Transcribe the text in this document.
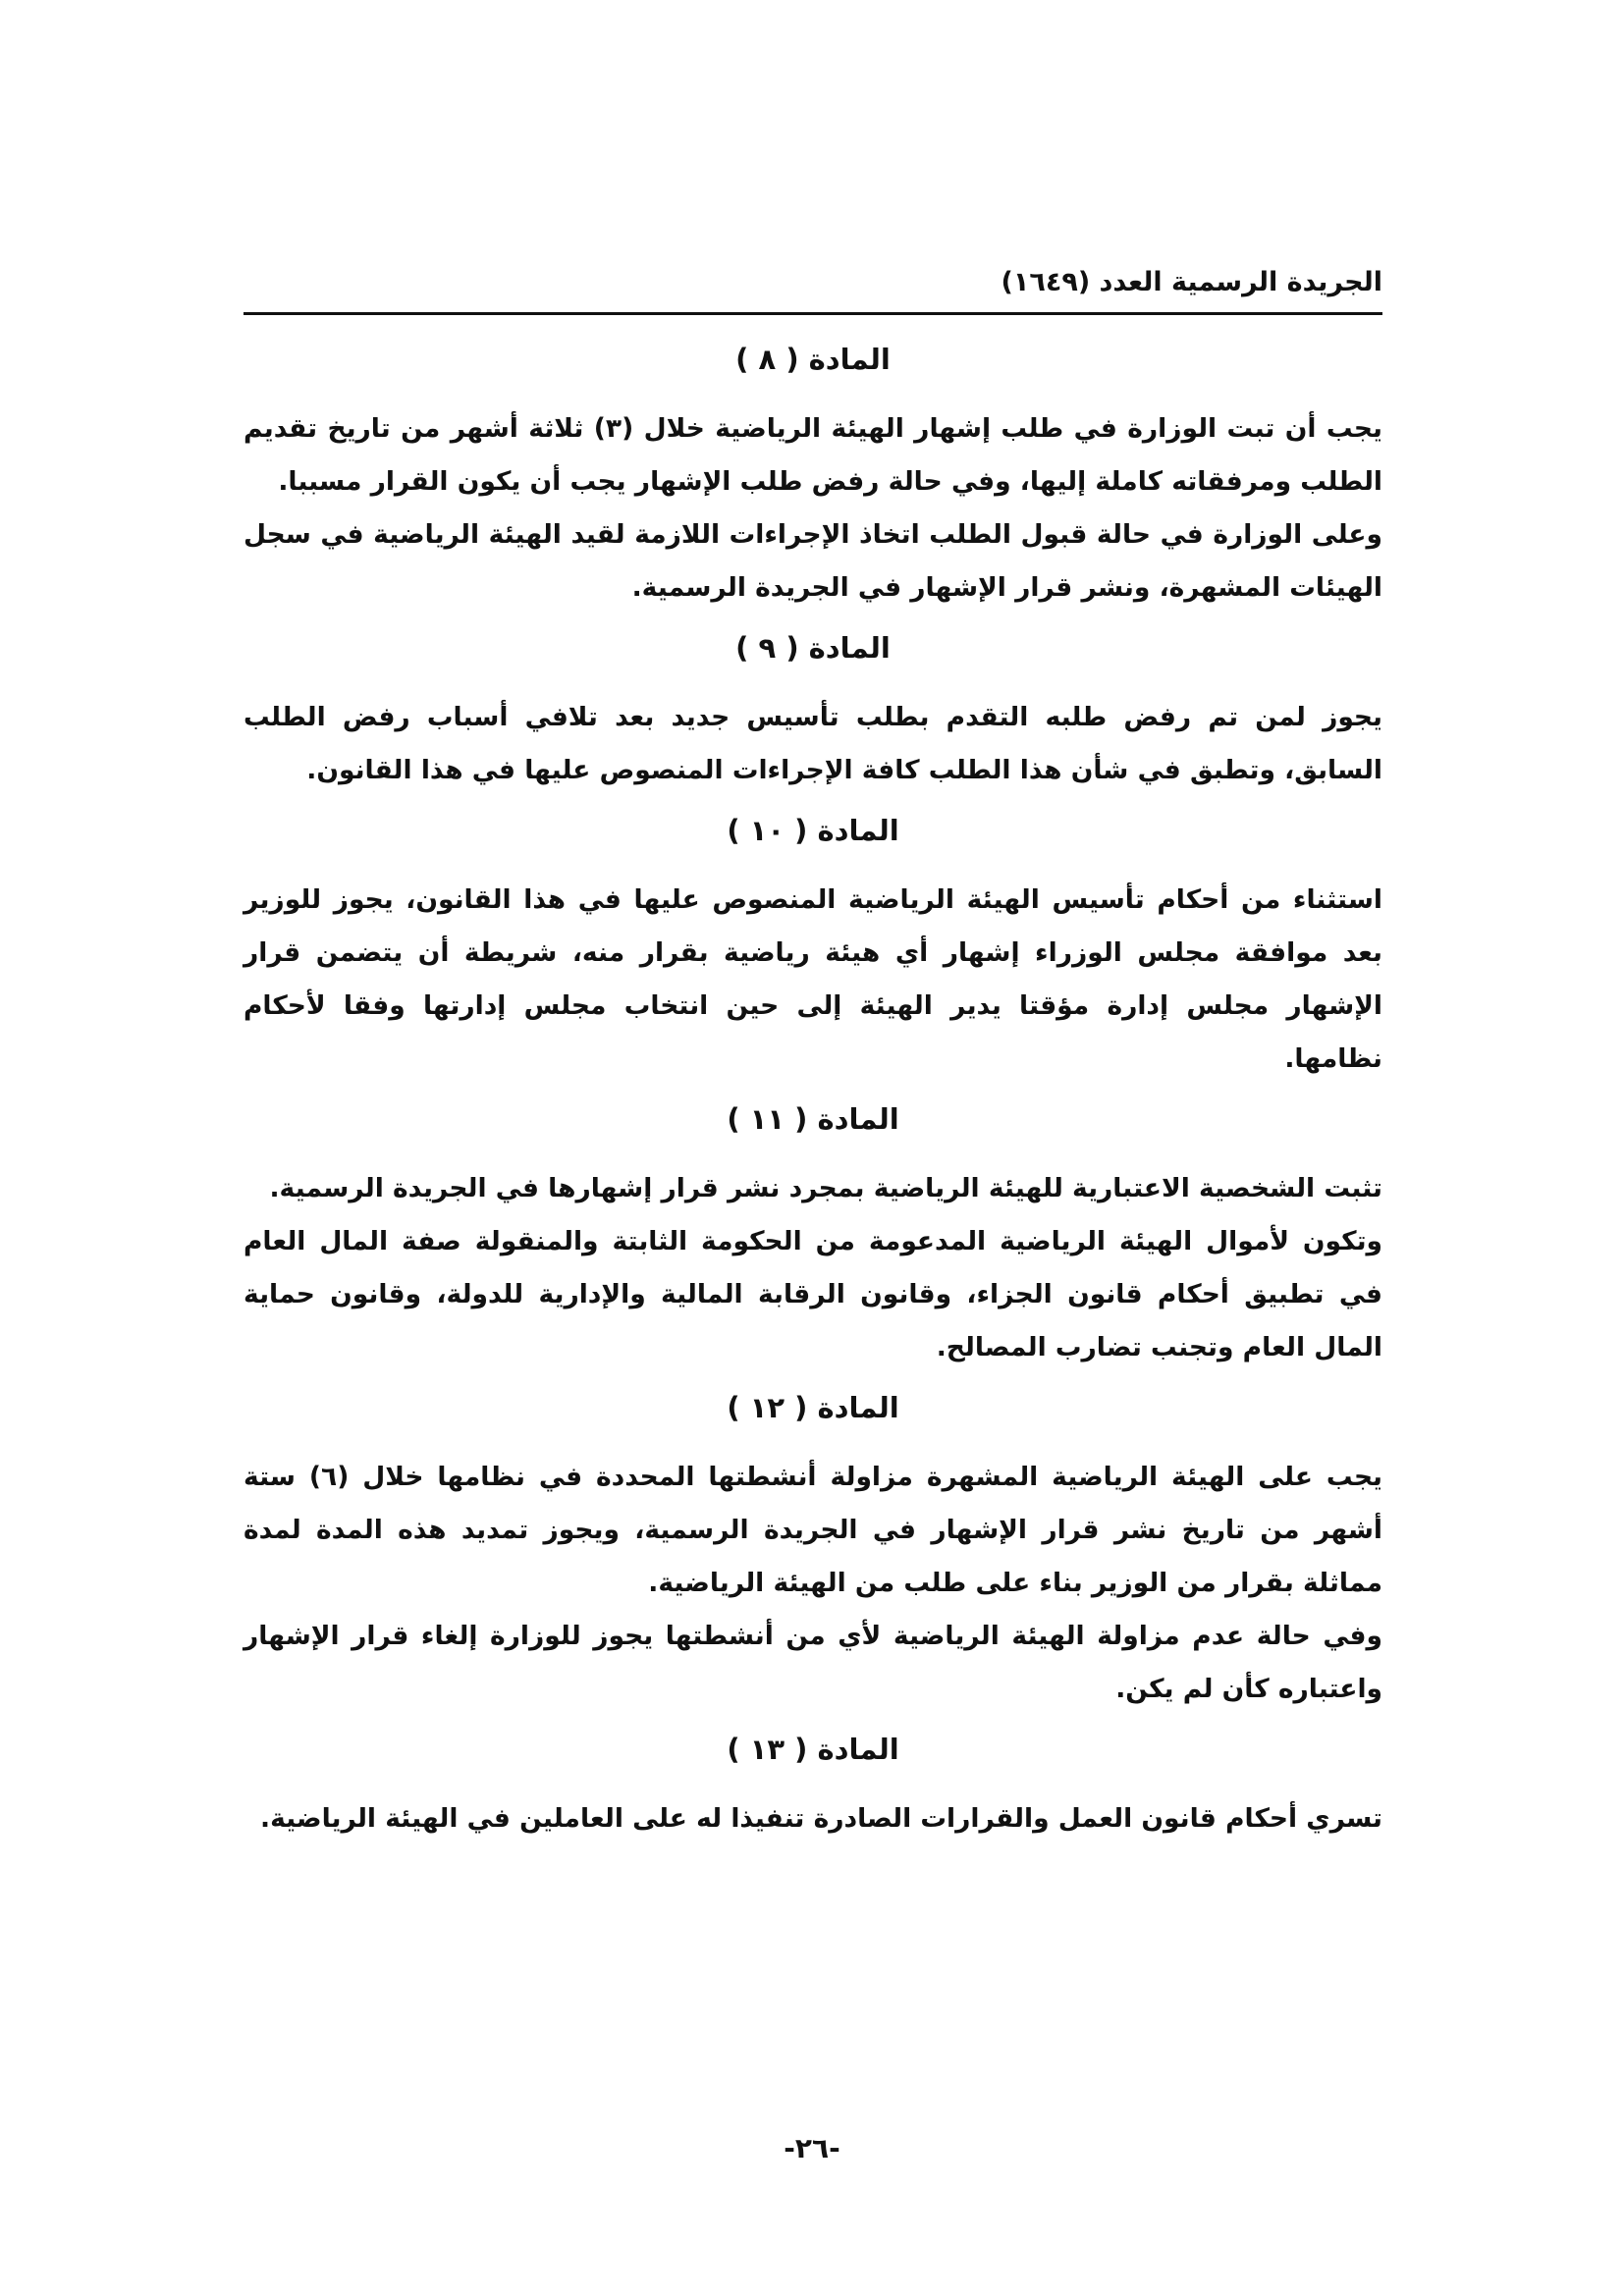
الجريدة الرسمية العدد (١٦٤٩)
المادة ( ٨ )

يجب أن تبت الوزارة في طلب إشهار الهيئة الرياضية خلال (٣) ثلاثة أشهر من تاريخ تقديم الطلب ومرفقاته كاملة إليها، وفي حالة رفض طلب الإشهار يجب أن يكون القرار مسببا.

وعلى الوزارة في حالة قبول الطلب اتخاذ الإجراءات اللازمة لقيد الهيئة الرياضية في سجل الهيئات المشهرة، ونشر قرار الإشهار في الجريدة الرسمية.

المادة ( ٩ )

يجوز لمن تم رفض طلبه التقدم بطلب تأسيس جديد بعد تلافي أسباب رفض الطلب السابق، وتطبق في شأن هذا الطلب كافة الإجراءات المنصوص عليها في هذا القانون.

المادة ( ١٠ )

استثناء من أحكام تأسيس الهيئة الرياضية المنصوص عليها في هذا القانون، يجوز للوزير بعد موافقة مجلس الوزراء إشهار أي هيئة رياضية بقرار منه، شريطة أن يتضمن قرار الإشهار مجلس إدارة مؤقتا يدير الهيئة إلى حين انتخاب مجلس إدارتها وفقا لأحكام نظامها.

المادة ( ١١ )

تثبت الشخصية الاعتبارية للهيئة الرياضية بمجرد نشر قرار إشهارها في الجريدة الرسمية.

وتكون لأموال الهيئة الرياضية المدعومة من الحكومة الثابتة والمنقولة صفة المال العام في تطبيق أحكام قانون الجزاء، وقانون الرقابة المالية والإدارية للدولة، وقانون حماية المال العام وتجنب تضارب المصالح.

المادة ( ١٢ )

يجب على الهيئة الرياضية المشهرة مزاولة أنشطتها المحددة في نظامها خلال (٦) ستة أشهر من تاريخ نشر قرار الإشهار في الجريدة الرسمية، ويجوز تمديد هذه المدة لمدة مماثلة بقرار من الوزير بناء على طلب من الهيئة الرياضية.

وفي حالة عدم مزاولة الهيئة الرياضية لأي من أنشطتها يجوز للوزارة إلغاء قرار الإشهار واعتباره كأن لم يكن.

المادة ( ١٣ )

تسري أحكام قانون العمل والقرارات الصادرة تنفيذا له على العاملين في الهيئة الرياضية.

-٢٦-
